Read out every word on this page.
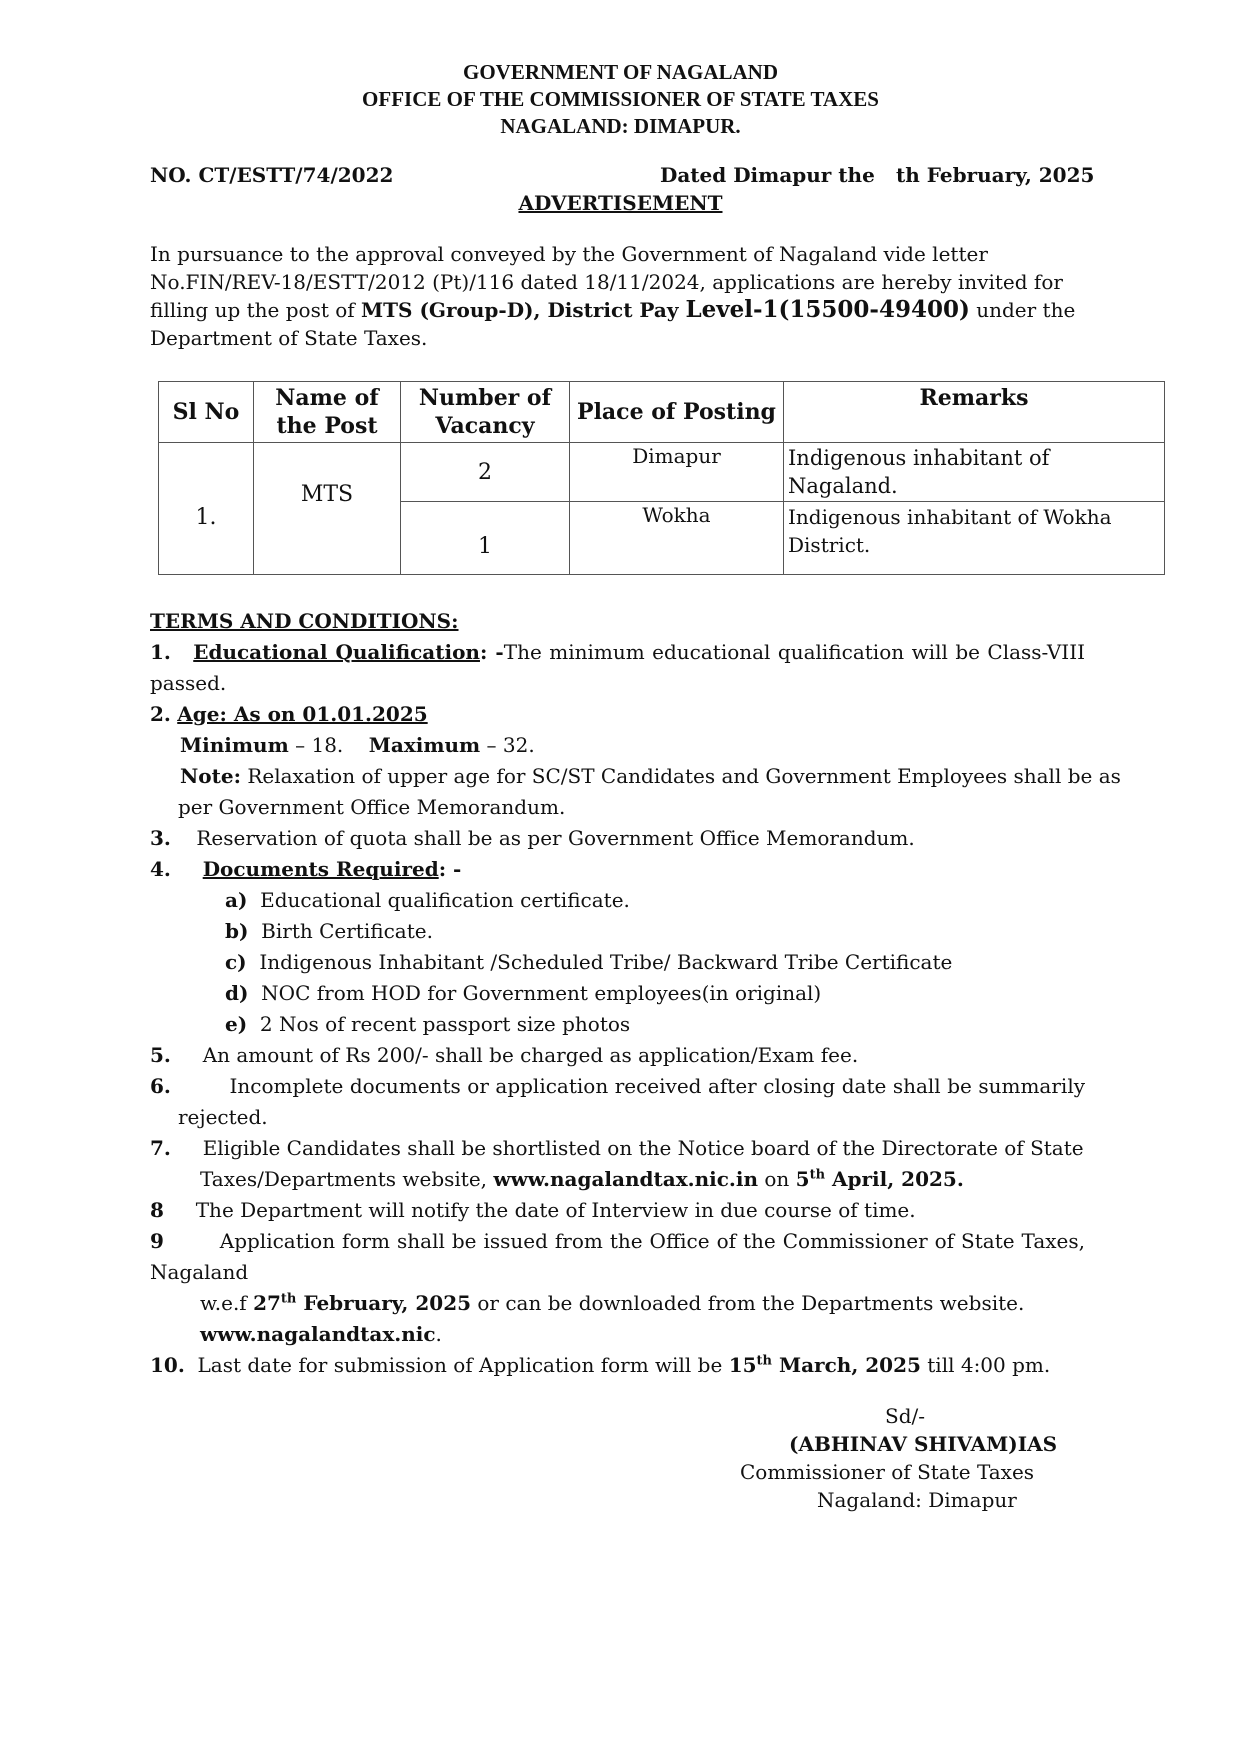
GOVERNMENT OF NAGALAND
OFFICE OF THE COMMISSIONER OF STATE TAXES
NAGALAND: DIMAPUR.
NO. CT/ESTT/74/2022	Dated Dimapur the th February, 2025
ADVERTISEMENT
In pursuance to the approval conveyed by the Government of Nagaland vide letter No.FIN/REV-18/ESTT/2012 (Pt)/116 dated 18/11/2024, applications are hereby invited for filling up the post of MTS (Group-D), District Pay Level-1(15500-49400) under the Department of State Taxes.
Sl No	Name of the Post	Number of Vacancy	Place of Posting	Remarks
1.	MTS	2	Dimapur	Indigenous inhabitant of Nagaland.
		1	Wokha	Indigenous inhabitant of Wokha District.
TERMS AND CONDITIONS:
1. Educational Qualification: -The minimum educational qualification will be Class-VIII
passed.
2. Age: As on 01.01.2025
Minimum – 18. Maximum – 32.
Note: Relaxation of upper age for SC/ST Candidates and Government Employees shall be as
per Government Office Memorandum.
3. Reservation of quota shall be as per Government Office Memorandum.
4. Documents Required: -
a) Educational qualification certificate.
b) Birth Certificate.
c) Indigenous Inhabitant /Scheduled Tribe/ Backward Tribe Certificate
d) NOC from HOD for Government employees(in original)
e) 2 Nos of recent passport size photos
5. An amount of Rs 200/- shall be charged as application/Exam fee.
6.	Incomplete documents or application received after closing date shall be summarily
rejected.
7. Eligible Candidates shall be shortlisted on the Notice board of the Directorate of State
Taxes/Departments website, www.nagalandtax.nic.in on 5th April, 2025.
8 The Department will notify the date of Interview in due course of time.
9	Application form shall be issued from the Office of the Commissioner of State Taxes,
Nagaland
w.e.f 27th February, 2025 or can be downloaded from the Departments website.
www.nagalandtax.nic.
10. Last date for submission of Application form will be 15th March, 2025 till 4:00 pm.
Sd/-
(ABHINAV SHIVAM)IAS
Commissioner of State Taxes
Nagaland: Dimapur
